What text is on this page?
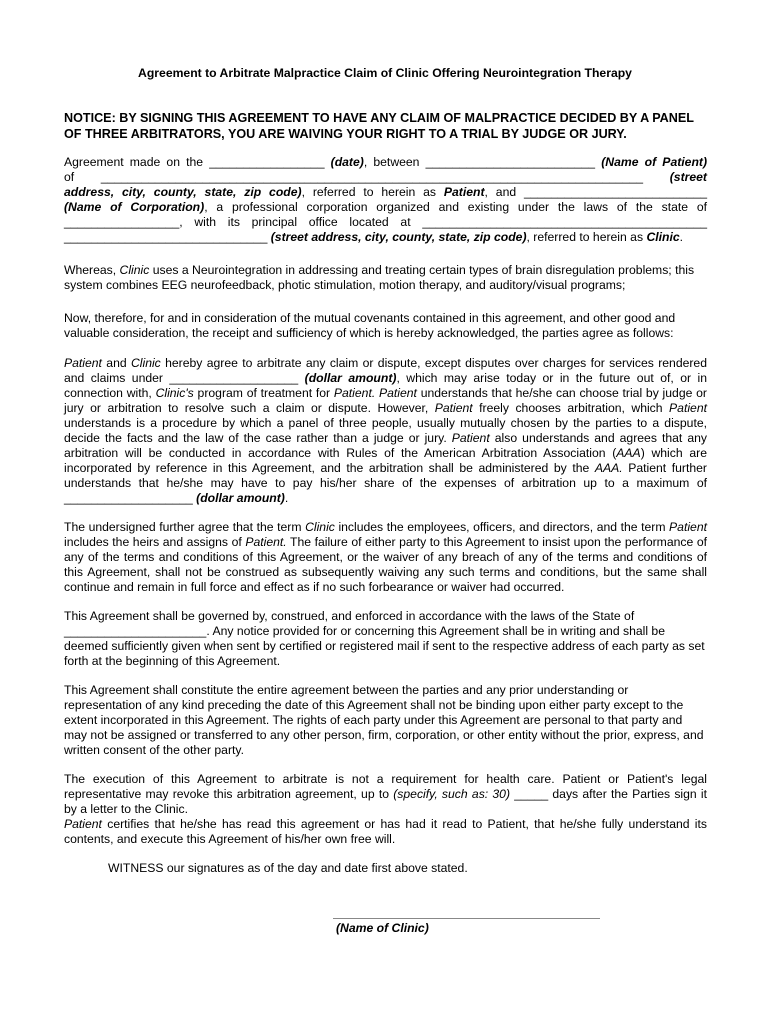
Agreement to Arbitrate Malpractice Claim of Clinic Offering Neurointegration Therapy
NOTICE: BY SIGNING THIS AGREEMENT TO HAVE ANY CLAIM OF MALPRACTICE DECIDED BY A PANEL OF THREE ARBITRATORS, YOU ARE WAIVING YOUR RIGHT TO A TRIAL BY JUDGE OR JURY.

Agreement made on the _________________ (date), between _________________________ (Name of Patient)

of ________________________________________________________________________________ (street

address, city, county, state, zip code), referred to herein as Patient, and ___________________________

(Name of Corporation), a professional corporation organized and existing under the laws of the state of

_________________, with its principal office located at __________________________________________

______________________________ (street address, city, county, state, zip code), referred to herein as Clinic.

Whereas, Clinic uses a Neurointegration in addressing and treating certain types of brain disregulation problems; this system combines EEG neurofeedback, photic stimulation, motion therapy, and auditory/visual programs;

Now, therefore, for and in consideration of the mutual covenants contained in this agreement, and other good and valuable consideration, the receipt and sufficiency of which is hereby acknowledged, the parties agree as follows:

Patient and Clinic hereby agree to arbitrate any claim or dispute, except disputes over charges for services rendered and claims under ___________________ (dollar amount), which may arise today or in the future out of, or in connection with, Clinic's program of treatment for Patient. Patient understands that he/she can choose trial by judge or jury or arbitration to resolve such a claim or dispute. However, Patient freely chooses arbitration, which Patient understands is a procedure by which a panel of three people, usually mutually chosen by the parties to a dispute, decide the facts and the law of the case rather than a judge or jury. Patient also understands and agrees that any arbitration will be conducted in accordance with Rules of the American Arbitration Association (AAA) which are incorporated by reference in this Agreement, and the arbitration shall be administered by the AAA. Patient further understands that he/she may have to pay his/her share of the expenses of arbitration up to a maximum of ___________________ (dollar amount).

The undersigned further agree that the term Clinic includes the employees, officers, and directors, and the term Patient includes the heirs and assigns of Patient. The failure of either party to this Agreement to insist upon the performance of any of the terms and conditions of this Agreement, or the waiver of any breach of any of the terms and conditions of this Agreement, shall not be construed as subsequently waiving any such terms and conditions, but the same shall continue and remain in full force and effect as if no such forbearance or waiver had occurred.

This Agreement shall be governed by, construed, and enforced in accordance with the laws of the State of _____________________. Any notice provided for or concerning this Agreement shall be in writing and shall be deemed sufficiently given when sent by certified or registered mail if sent to the respective address of each party as set forth at the beginning of this Agreement.

This Agreement shall constitute the entire agreement between the parties and any prior understanding or representation of any kind preceding the date of this Agreement shall not be binding upon either party except to the extent incorporated in this Agreement. The rights of each party under this Agreement are personal to that party and may not be assigned or transferred to any other person, firm, corporation, or other entity without the prior, express, and written consent of the other party.

The execution of this Agreement to arbitrate is not a requirement for health care. Patient or Patient's legal representative may revoke this arbitration agreement, up to (specify, such as: 30) _____ days after the Parties sign it by a letter to the Clinic.

Patient certifies that he/she has read this agreement or has had it read to Patient, that he/she fully understand its contents, and execute this Agreement of his/her own free will.

WITNESS our signatures as of the day and date first above stated.
(Name of Clinic)
